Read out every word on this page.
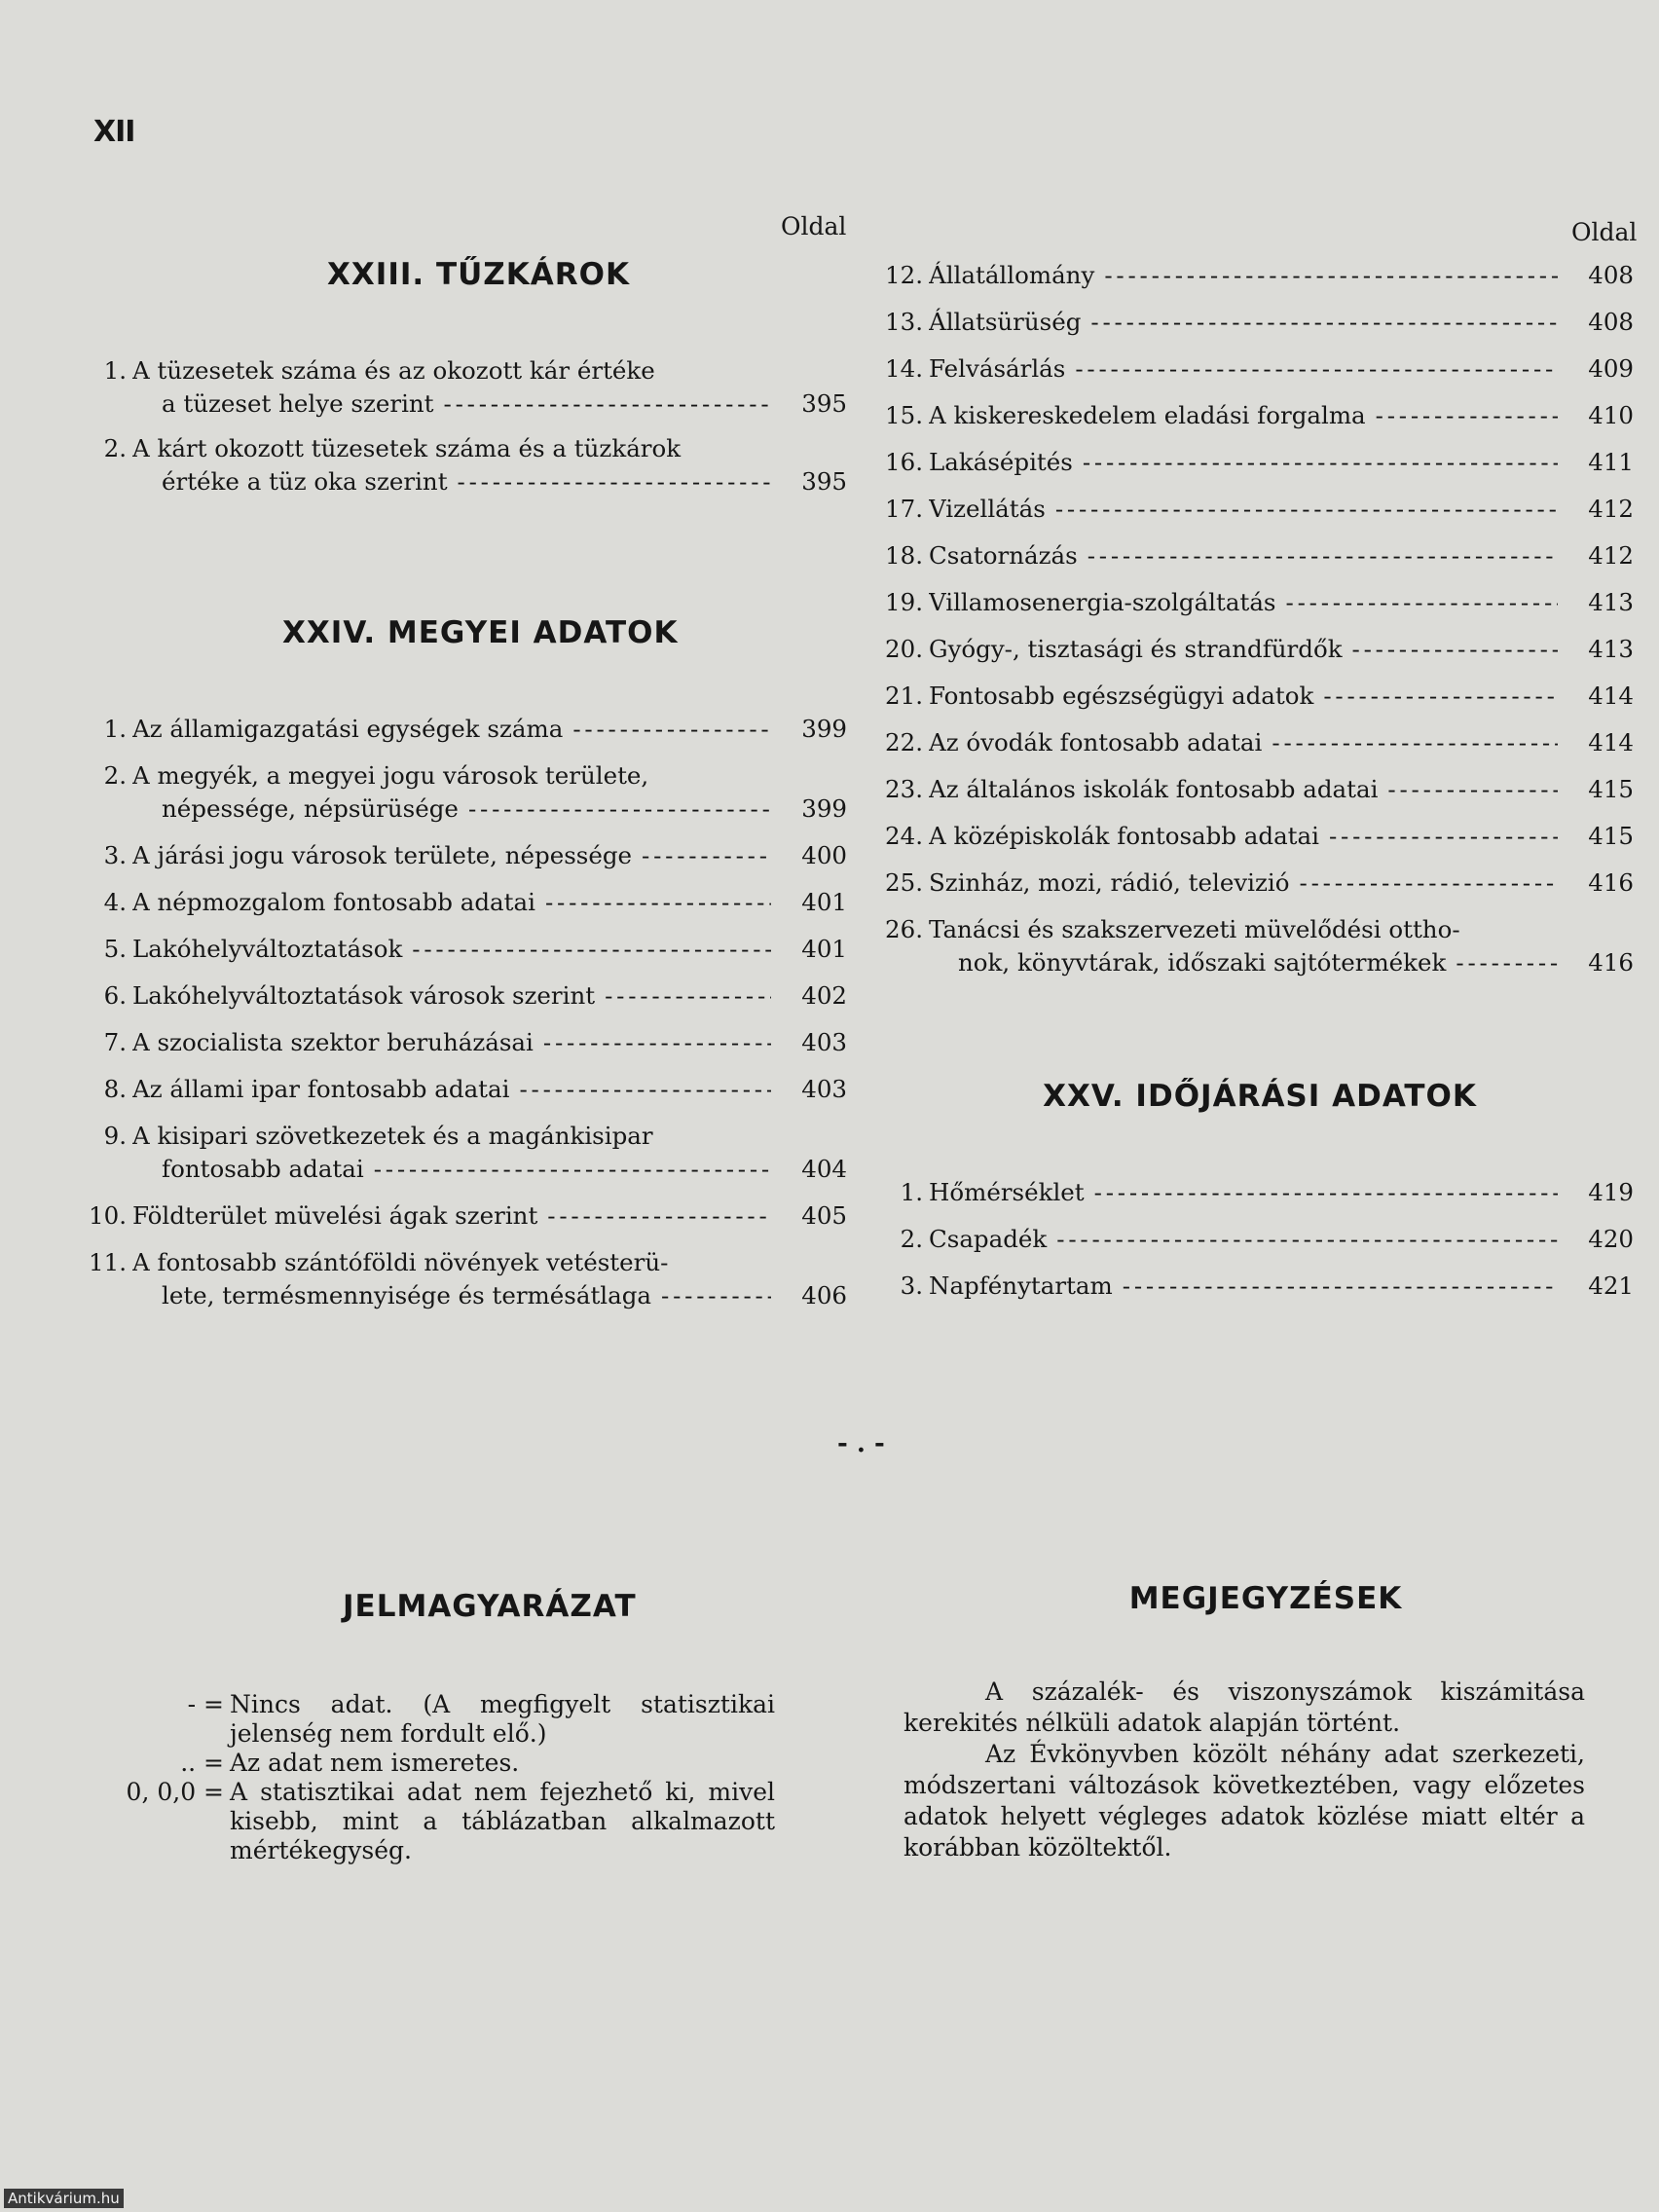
XII
Oldal	Oldal
XXIII. TŰZKÁROK
1. A tüzesetek száma és az okozott kár értéke
a tüzeset helye szerint - - -	395
2. A kárt okozott tüzesetek száma és a tüzkárok
értéke a tüz oka szerint - - -	395
XXIV. MEGYEI ADATOK
1. Az államigazgatási egységek száma - - -	399
2. A megyék, a megyei jogu városok területe,
népessége, népsürüsége - - -	399
3. A járási jogu városok területe, népessége - - -	400
4. A népmozgalom fontosabb adatai - - -	401
5. Lakóhelyváltoztatások - - -	401
6. Lakóhelyváltoztatások városok szerint - - -	402
7. A szocialista szektor beruházásai - - -	403
8. Az állami ipar fontosabb adatai - - -	403
9. A kisipari szövetkezetek és a magánkisipar
fontosabb adatai - - -	404
10. Földterület müvelési ágak szerint - - -	405
11. A fontosabb szántóföldi növények vetésterü-
lete, termésmennyisége és termésátlaga - - -	406
12. Állatállomány - - -	408
13. Állatsürüség - - -	408
14. Felvásárlás - - -	409
15. A kiskereskedelem eladási forgalma - - -	410
16. Lakásépités - - -	411
17. Vizellátás - - -	412
18. Csatornázás - - -	412
19. Villamosenergia-szolgáltatás - - -	413
20. Gyógy-, tisztasági és strandfürdők - - -	413
21. Fontosabb egészségügyi adatok - - -	414
22. Az óvodák fontosabb adatai - - -	414
23. Az általános iskolák fontosabb adatai - - -	415
24. A középiskolák fontosabb adatai - - -	415
25. Szinház, mozi, rádió, televizió - - -	416
26. Tanácsi és szakszervezeti müvelődési ottho-
nok, könyvtárak, időszaki sajtótermékek - - -	416
XXV. IDŐJÁRÁSI ADATOK
1. Hőmérséklet - - -	419
2. Csapadék - - -	420
3. Napfénytartam - - -	421
- . -
JELMAGYARÁZAT
- = Nincs adat. (A megfigyelt statisztikai jelenség nem fordult elő.)
.. = Az adat nem ismeretes.
0, 0,0 = A statisztikai adat nem fejezhető ki, mivel kisebb, mint a táblázatban alkalmazott mértékegység.
MEGJEGYZÉSEK

A százalék- és viszonyszámok kiszámitása kerekités nélküli adatok alapján történt.

Az Évkönyvben közölt néhány adat szerkezeti, módszertani változások következtében, vagy előzetes adatok helyett végleges adatok közlése miatt eltér a korábban közöltektől.

Antikvárium.hu
